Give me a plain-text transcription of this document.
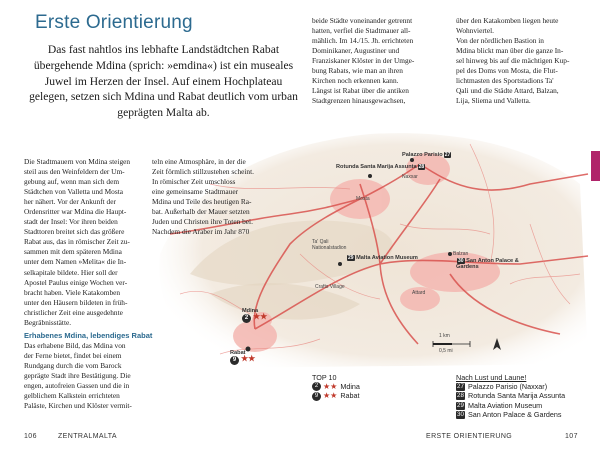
Erste Orientierung
Das fast nahtlos ins lebhafte Landstädtchen Rabat übergehende Mdina (sprich: »emdina«) ist ein museales Juwel im Herzen der Insel. Auf einem Hochplateau gelegen, setzen sich Mdina und Rabat deutlich vom urban geprägten Malta ab.

beide Städte voneinander getrennt

hatten, verfiel die Stadtmauer all-

mählich. Im 14./15. Jh. errichteten

Dominikaner, Augustiner und

Franziskaner Klöster in der Umge-

bung Rabats, wie man an ihren

Kirchen noch erkennen kann.

Längst ist Rabat über die antiken

Stadtgrenzen hinausgewachsen,

über den Katakomben liegen heute

Wohnviertel.

Von der nördlichen Bastion in

Mdina blickt man über die ganze In-

sel hinweg bis auf die mächtigen Kup-

pel des Doms von Mosta, die Flut-

lichtmasten des Sportstadions Ta'

Qali und die Städte Attard, Balzan,

Lija, Sliema und Valletta.

Rotunda Santa Marija Assunta 28
Palazzo Parisio 27
Naxxar
Mosta
29 Malta Aviation Museum
Ta' Qali Nationalstadion
Crafts Village
Attard
Balzan
30 San Anton Palace & Gardens
Mdina
2 ★★
Rabat
9 ★★
1 km
0,5 mi

Die Stadtmauern von Mdina steigen

steil aus den Weinfeldern der Um-

gebung auf, wenn man sich dem

Städtchen von Valletta und Mosta

her nähert. Vor der Ankunft der

Ordensritter war Mdina die Haupt-

stadt der Insel: Vor ihren beiden

Stadttoren breitet sich das größere

Rabat aus, das in römischer Zeit zu-

sammen mit dem späteren Mdina

unter dem Namen »Melita« die In-

selkapitale bildete. Hier soll der

Apostel Paulus einige Wochen ver-

bracht haben. Viele Katakomben

unter den Häusern bildeten in früh-

christlicher Zeit eine ausgedehnte

Begräbnisstätte.

Erhabenes Mdina, lebendiges Rabat

Das erhabene Bild, das Mdina von

der Ferne bietet, findet bei einem

Rundgang durch die vom Barock

geprägte Stadt ihre Bestätigung. Die

engen, autofreien Gassen und die in

gelblichem Kalkstein errichteten

Paläste, Kirchen und Klöster vermit-

teln eine Atmosphäre, in der die

Zeit förmlich stillzustehen scheint.

In römischer Zeit umschloss

eine gemeinsame Stadtmauer

Mdina und Teile des heutigen Ra-

bat. Außerhalb der Mauer setzten

Juden und Christen ihre Toten bei.

Nachdem die Araber im Jahr 870

TOP 10
2 ★★ Mdina
9 ★★ Rabat
Nach Lust und Laune!
27 Palazzo Parisio (Naxxar)
28 Rotunda Santa Marija Assunta
29 Malta Aviation Museum
30 San Anton Palace & Gardens
106	ZENTRALMALTA	ERSTE ORIENTIERUNG	107
